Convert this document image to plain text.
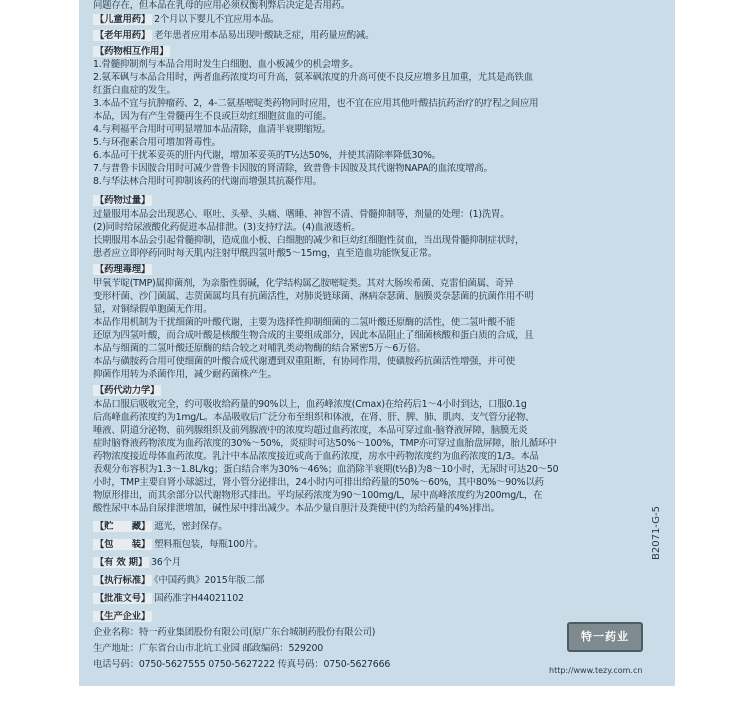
问题存在，但本品在乳母的应用必须权衡利弊后决定是否用药。
【儿童用药】 2个月以下婴儿不宜应用本品。
【老年用药】 老年患者应用本品易出现叶酸缺乏症，用药量应酌减。
【药物相互作用】
1.骨髓抑制剂与本品合用时发生白细胞、血小板减少的机会增多。
2.氨苯砜与本品合用时，两者血药浓度均可升高，氨苯砜浓度的升高可使不良反应增多且加重，尤其是高铁血
红蛋白血症的发生。
3.本品不宜与抗肿瘤药、2，4-二氨基嘧啶类药物同时应用，也不宜在应用其他叶酸拮抗药治疗的疗程之间应用
本品，因为有产生骨髓再生不良或巨幼红细胞贫血的可能。
4.与利福平合用时可明显增加本品清除，血清半衰期缩短。
5.与环孢素合用可增加肾毒性。
6.本品可干扰苯妥英的肝内代谢，增加苯妥英的T½达50%，并使其清除率降低30%。
7.与普鲁卡因胺合用时可减少普鲁卡因胺的肾清除，致普鲁卡因胺及其代谢物NAPA的血浓度增高。
8.与华法林合用时可抑制该药的代谢而增强其抗凝作用。
【药物过量】
过量服用本品会出现恶心、呕吐、头晕、头痛、嗜睡、神智不清、骨髓抑制等，剂量的处理：(1)洗胃。
(2)同时给尿液酸化药促进本品排泄。(3)支持疗法。(4)血液透析。
长期服用本品会引起骨髓抑制，造成血小板、白细胞的减少和巨幼红细胞性贫血，当出现骨髓抑制症状时，
患者应立即停药同时每天肌内注射甲酰四氢叶酸5～15mg，直至造血功能恢复正常。
【药理毒理】
甲氧苄啶(TMP)属抑菌剂，为亲脂性弱碱，化学结构属乙胺嘧啶类。其对大肠埃希菌、克雷伯菌属、奇异
变形杆菌、沙门菌属、志贺菌属均具有抗菌活性，对肺炎链球菌、淋病奈瑟菌、脑膜炎奈瑟菌的抗菌作用不明
显，对铜绿假单胞菌无作用。
本品作用机制为干扰细菌的叶酸代谢，主要为选择性抑制细菌的二氢叶酸还原酶的活性，使二氢叶酸不能
还原为四氢叶酸，而合成叶酸是核酸生物合成的主要组成部分，因此本品阻止了细菌核酸和蛋白质的合成，且
本品与细菌的二氢叶酸还原酶的结合较之对哺乳类动物酶的结合紧密5万～6万倍。
本品与磺胺药合用可使细菌的叶酸合成代谢遭到双重阻断，有协同作用，使磺胺药抗菌活性增强，并可使
抑菌作用转为杀菌作用，减少耐药菌株产生。
【药代动力学】
本品口服后吸收完全，约可吸收给药量的90%以上，血药峰浓度(Cmax)在给药后1～4小时到达，口服0.1g
后高峰血药浓度约为1mg/L。本品吸收后广泛分布至组织和体液，在肾、肝、脾、肺、肌肉、支气管分泌物、
唾液、阴道分泌物、前列腺组织及前列腺液中的浓度均超过血药浓度，本品可穿过血-脑脊液屏障，脑膜无炎
症时脑脊液药物浓度为血药浓度的30%～50%，炎症时可达50%～100%，TMP亦可穿过血胎盘屏障，胎儿循环中
药物浓度接近母体血药浓度。乳汁中本品浓度接近或高于血药浓度，房水中药物浓度约为血药浓度的1/3。本品
表观分布容积为1.3～1.8L/kg；蛋白结合率为30%～46%；血消除半衰期(t½β)为8～10小时，无尿时可达20～50
小时，TMP主要自肾小球滤过，肾小管分泌排出，24小时内可排出给药量的50%～60%，其中80%～90%以药
物原形排出，而其余部分以代谢物形式排出。平均尿药浓度为90～100mg/L，尿中高峰浓度约为200mg/L，在
酸性尿中本品自尿排泄增加，碱性尿中排出减少。本品少量自胆汁及粪便中(约为给药量的4%)排出。
【贮　　藏】 遮光，密封保存。
【包　　装】 塑料瓶包装，每瓶100片。
【有 效 期】 36个月
【执行标准】 《中国药典》2015年版二部
【批准文号】 国药准字H44021102
【生产企业】
企业名称：特一药业集团股份有限公司(原广东台城制药股份有限公司)
生产地址：广东省台山市北坑工业园 邮政编码：529200
电话号码：0750-5627555 0750-5627222 传真号码：0750-5627666
B2071-G-5
特一药业
http://www.tezy.com.cn
